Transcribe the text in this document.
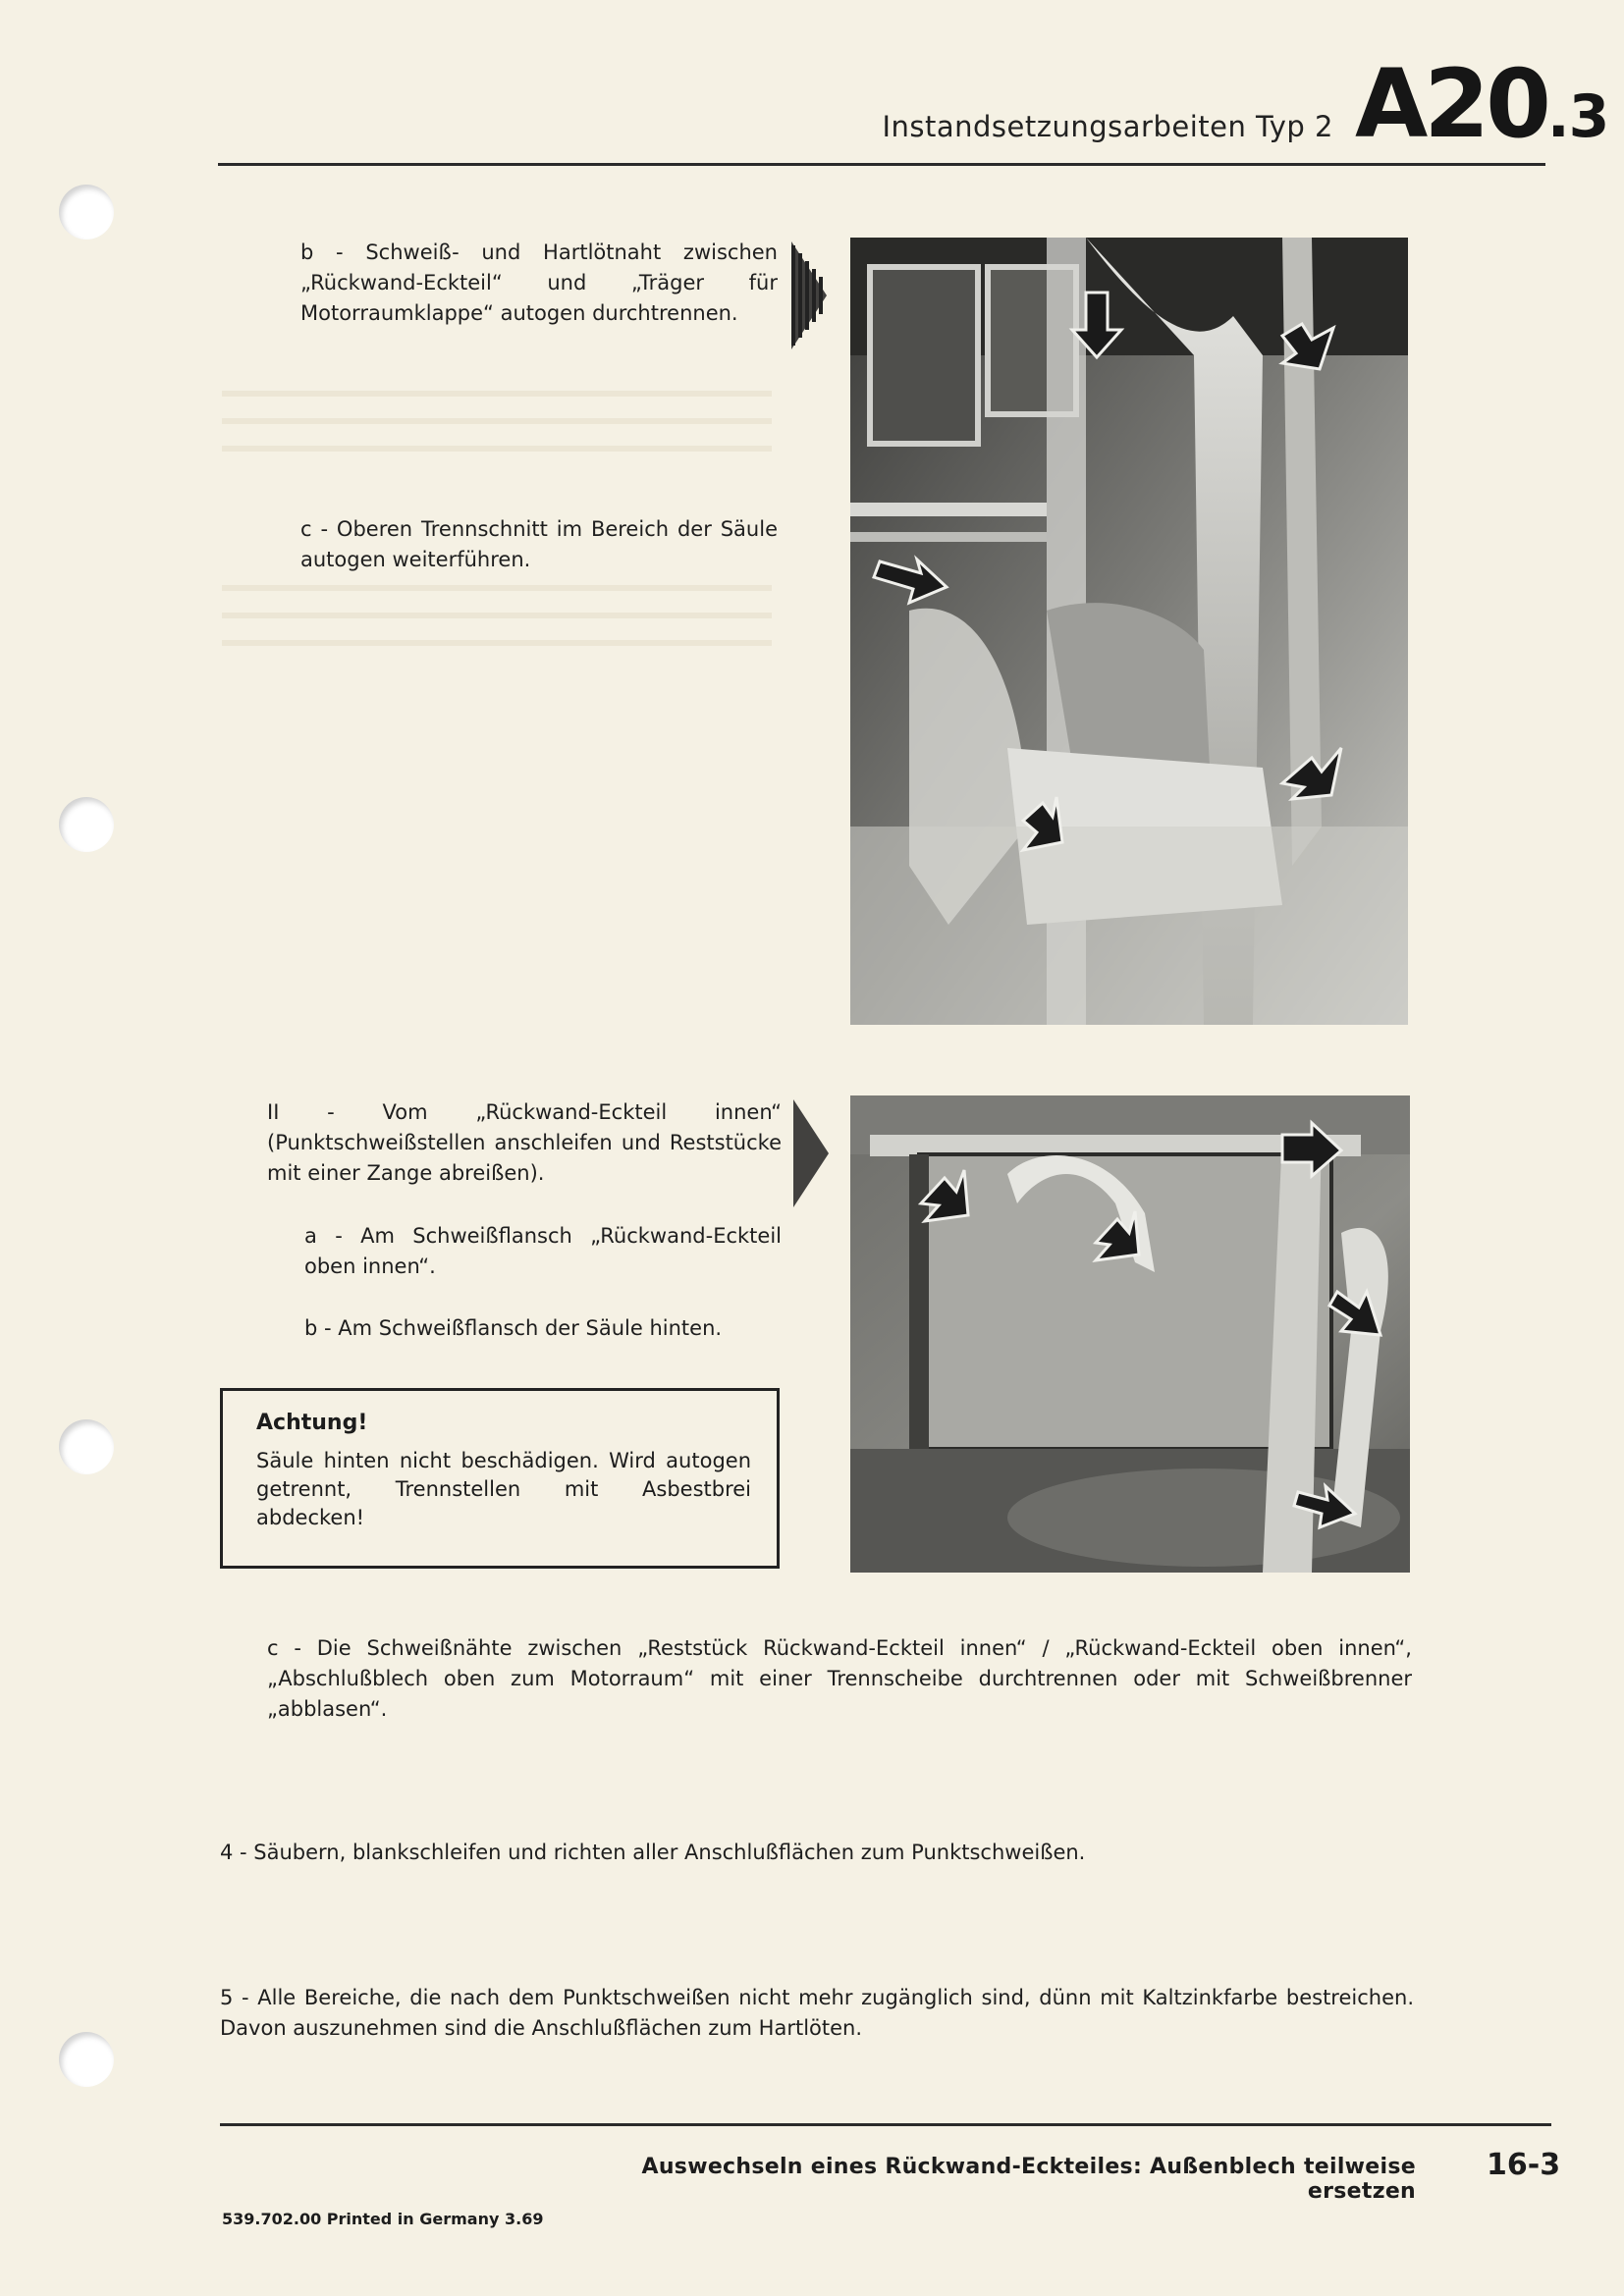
Instandsetzungsarbeiten Typ 2 A20.3
b - Schweiß- und Hartlötnaht zwischen „Rückwand-Eckteil“ und „Träger für Motorraumklappe“ autogen durchtrennen.
c - Oberen Trennschnitt im Bereich der Säule autogen weiterführen.
II - Vom „Rückwand-Eckteil innen“ (Punktschweißstellen anschleifen und Reststücke mit einer Zange abreißen).
a - Am Schweißflansch „Rückwand-Eckteil oben innen“.
b - Am Schweißflansch der Säule hinten.
Achtung!
Säule hinten nicht beschädigen. Wird autogen getrennt, Trennstellen mit Asbestbrei abdecken!
c - Die Schweißnähte zwischen „Reststück Rückwand-Eckteil innen“ / „Rückwand-Eckteil oben innen“, „Abschlußblech oben zum Motorraum“ mit einer Trennscheibe durchtrennen oder mit Schweißbrenner „abblasen“.
4 - Säubern, blankschleifen und richten aller Anschlußflächen zum Punktschweißen.
5 - Alle Bereiche, die nach dem Punktschweißen nicht mehr zugänglich sind, dünn mit Kaltzinkfarbe bestreichen. Davon auszunehmen sind die Anschlußflächen zum Hartlöten.
Auswechseln eines Rückwand-Eckteiles: Außenblech teilweise ersetzen
16-3
539.702.00 Printed in Germany 3.69
